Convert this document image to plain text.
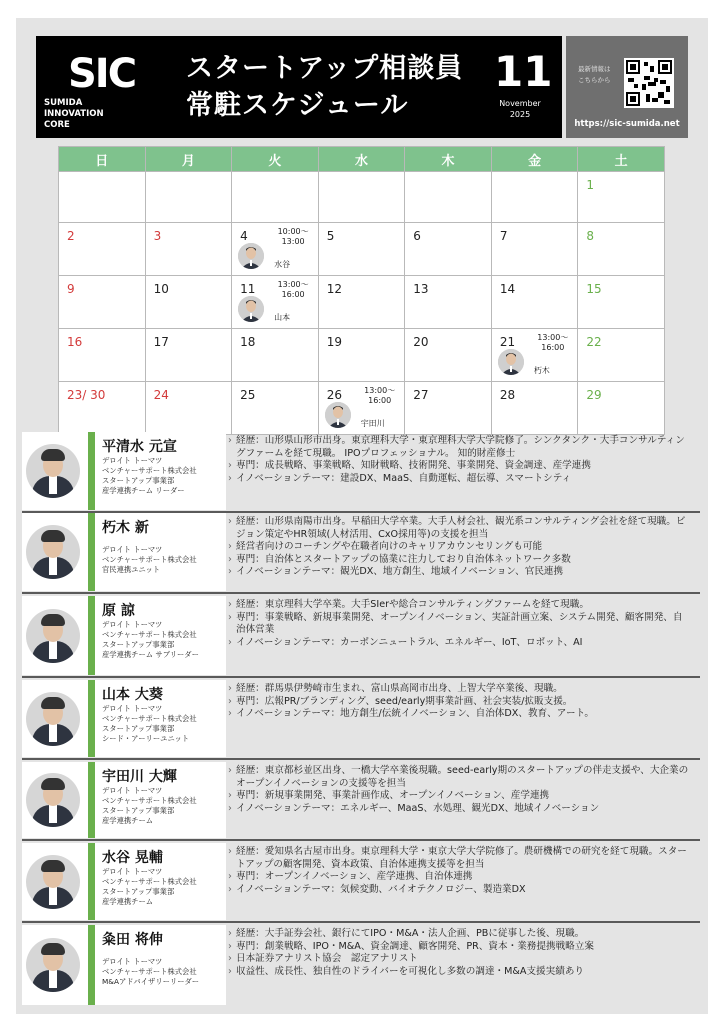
SIC
SUMIDA
INNOVATION
CORE
スタートアップ相談員
常駐スケジュール
11
November
2025
最新情報は
こちらから
https://sic-sumida.net
日	月	火	水	木	金	土

						1

2	3	4 10:00〜
13:00
水谷	5	6	7	8

9	10	11 13:00〜
16:00
山本	12	13	14	15

16	17	18	19	20	21 13:00〜
16:00
朽木	22

23/ 30	24	25	26 13:00〜
16:00
宇田川	27	28	29
平清水 元宣
デロイト トーマツ
ベンチャーサポート株式会社
スタートアップ事業部
産学連携チーム リーダー
› 経歴：山形県山形市出身。東京理科大学・東京理科大学大学院修了。シンクタンク・大手コンサルティングファームを経て現職。 IPOプロフェッショナル。 知的財産修士
› 専門：成長戦略、事業戦略、知財戦略、技術開発、事業開発、資金調達、産学連携
› イノベーションテーマ：建設DX、MaaS、自動運転、超伝導、スマートシティ
朽木 新
デロイト トーマツ
ベンチャーサポート株式会社
官民連携ユニット
› 経歴：山形県南陽市出身。早稲田大学卒業。大手人材会社、観光系コンサルティング会社を経て現職。ビジョン策定やHR領域(人材活用、CxO採用等)の支援を担当
› 経営者向けのコーチングや在職者向けのキャリアカウンセリングも可能
› 専門：自治体とスタートアップの協業に注力しており自治体ネットワーク多数
› イノベーションテーマ：観光DX、地方創生、地域イノベーション、官民連携
原 諒
デロイト トーマツ
ベンチャーサポート株式会社
スタートアップ事業部
産学連携チーム サブリーダー
› 経歴：東京理科大学卒業。大手SIerや総合コンサルティングファームを経て現職。
› 専門：事業戦略、新規事業開発、オープンイノベーション、実証計画立案、システム開発、顧客開発、自治体営業
› イノベーションテーマ：カーボンニュートラル、エネルギー、IoT、ロボット、AI
山本 大葵
デロイト トーマツ
ベンチャーサポート株式会社
スタートアップ事業部
シード・アーリーユニット
› 経歴：群馬県伊勢崎市生まれ、富山県高岡市出身、上智大学卒業後、現職。
› 専門：広報PR/ブランディング、seed/early期事業計画、社会実装/拡販支援。
› イノベーションテーマ：地方創生/伝統イノベーション、自治体DX、教育、アート。
宇田川 大輝
デロイト トーマツ
ベンチャーサポート株式会社
スタートアップ事業部
産学連携チーム
› 経歴：東京都杉並区出身、一橋大学卒業後現職。seed-early期のスタートアップの伴走支援や、大企業のオープンイノベーションの支援等を担当
› 専門：新規事業開発、事業計画作成、オープンイノベーション、産学連携
› イノベーションテーマ：エネルギー、MaaS、水処理、観光DX、地域イノベーション
水谷 晃輔
デロイト トーマツ
ベンチャーサポート株式会社
スタートアップ事業部
産学連携チーム
› 経歴：愛知県名古屋市出身。東京理科大学・東京大学大学院修了。農研機構での研究を経て現職。スタートアップの顧客開発、資本政策、自治体連携支援等を担当
› 専門：オープンイノベーション、産学連携、自治体連携
› イノベーションテーマ：気候変動、バイオテクノロジー、製造業DX
粂田 将伸
デロイト トーマツ
ベンチャーサポート株式会社
M&Aアドバイザリーリーダー
› 経歴：大手証券会社、銀行にてIPO・M&A・法人企画、PBに従事した後、現職。
› 専門：創業戦略、IPO・M&A、資金調達、顧客開発、PR、資本・業務提携戦略立案
› 日本証券アナリスト協会　認定アナリスト
› 収益性、成長性、独自性のドライバーを可視化し多数の調達・M&A支援実績あり
